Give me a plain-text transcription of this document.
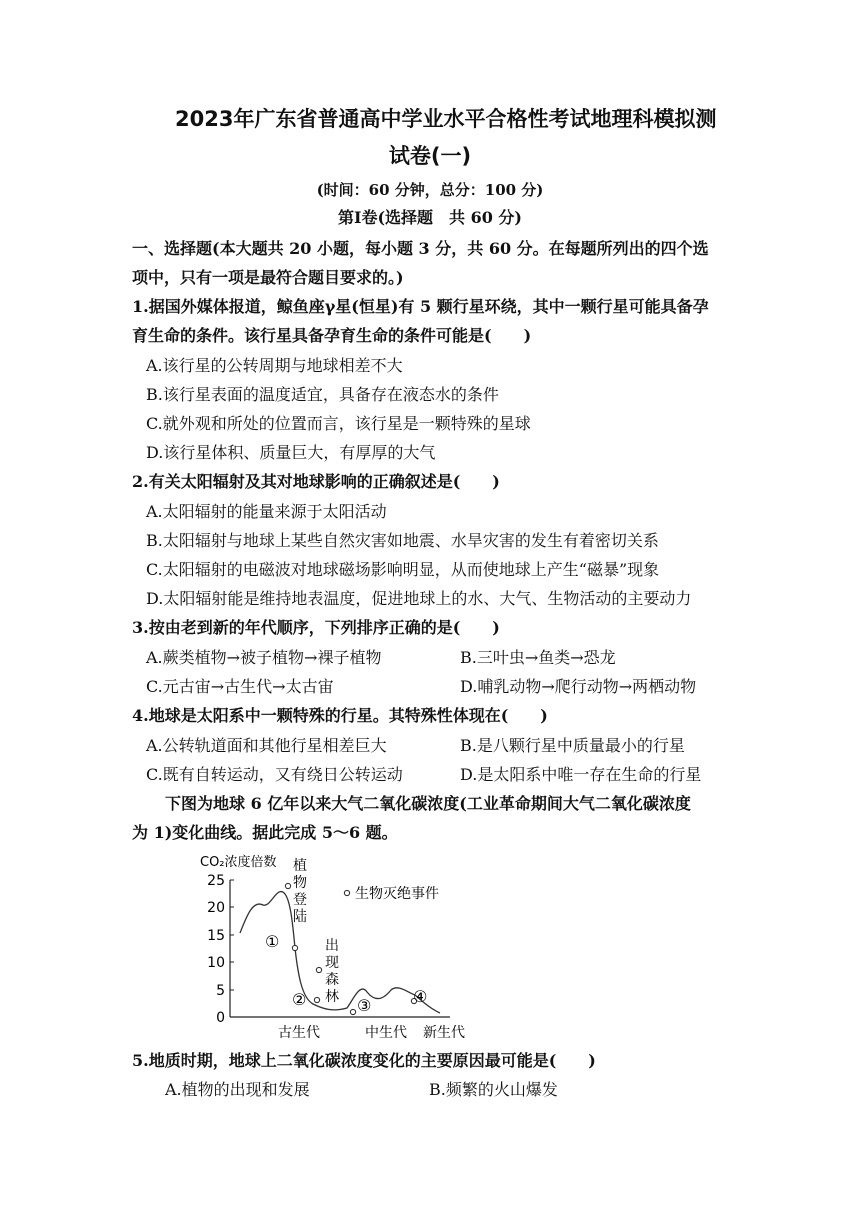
2023年广东省普通高中学业水平合格性考试地理科模拟测
试卷(一)
(时间：60 分钟，总分：100 分)
第Ⅰ卷(选择题　共 60 分)
一、选择题(本大题共 20 小题，每小题 3 分，共 60 分。在每题所列出的四个选
项中，只有一项是最符合题目要求的。)
1.据国外媒体报道，鲸鱼座γ星(恒星)有 5 颗行星环绕，其中一颗行星可能具备孕
育生命的条件。该行星具备孕育生命的条件可能是(　　)
A.该行星的公转周期与地球相差不大
B.该行星表面的温度适宜，具备存在液态水的条件
C.就外观和所处的位置而言，该行星是一颗特殊的星球
D.该行星体积、质量巨大，有厚厚的大气
2.有关太阳辐射及其对地球影响的正确叙述是(　　)
A.太阳辐射的能量来源于太阳活动
B.太阳辐射与地球上某些自然灾害如地震、水旱灾害的发生有着密切关系
C.太阳辐射的电磁波对地球磁场影响明显，从而使地球上产生“磁暴”现象
D.太阳辐射能是维持地表温度，促进地球上的水、大气、生物活动的主要动力
3.按由老到新的年代顺序，下列排序正确的是(　　)
A.蕨类植物→被子植物→裸子植物	B.三叶虫→鱼类→恐龙
C.元古宙→古生代→太古宙	D.哺乳动物→爬行动物→两栖动物
4.地球是太阳系中一颗特殊的行星。其特殊性体现在(　　)
A.公转轨道面和其他行星相差巨大	B.是八颗行星中质量最小的行星
C.既有自转运动，又有绕日公转运动	D.是太阳系中唯一存在生命的行星
下图为地球 6 亿年以来大气二氧化碳浓度(工业革命期间大气二氧化碳浓度
为 1)变化曲线。据此完成 5～6 题。
25
20
15
10
5
0
CO₂浓度倍数
生物灭绝事件
植
物
登
陆
出
现
森
林
①
②	③	④
古生代	中生代 新生代
5.地质时期，地球上二氧化碳浓度变化的主要原因最可能是(　　)
A.植物的出现和发展	B.频繁的火山爆发
